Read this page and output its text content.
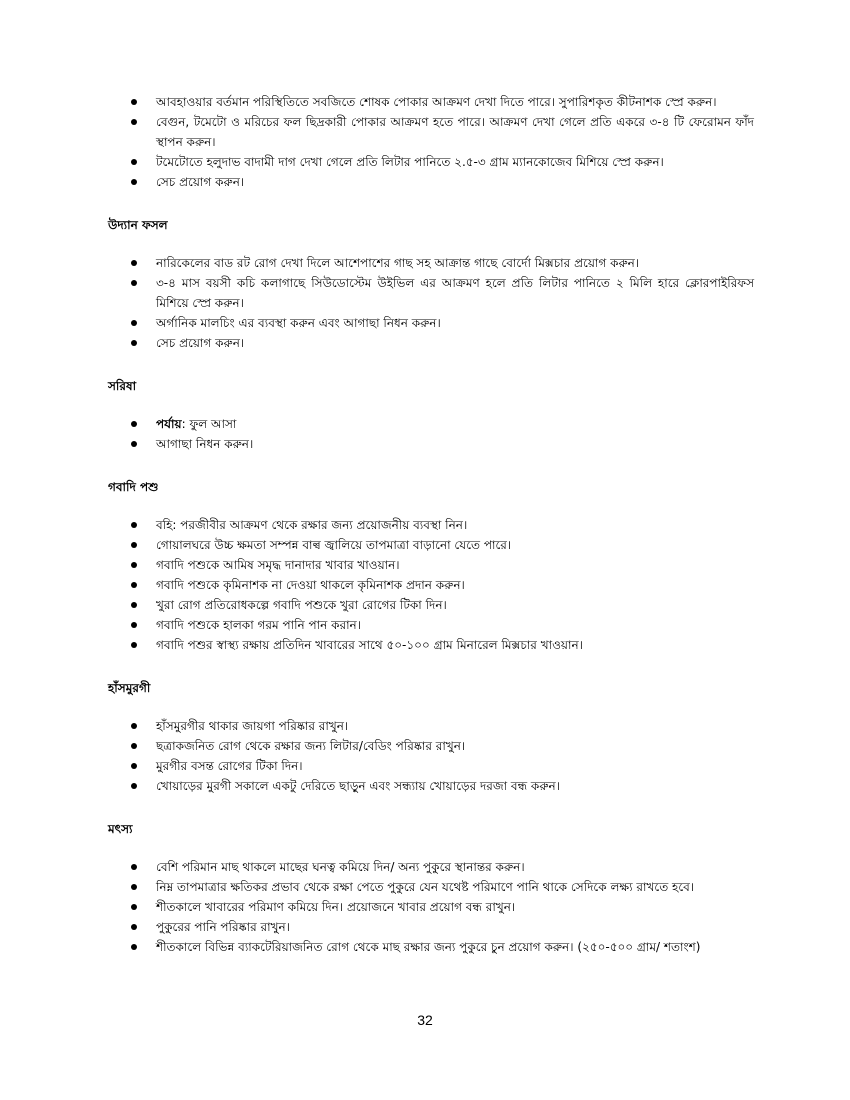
আবহাওয়ার বর্তমান পরিস্থিতিতে সবজিতে শোষক পোকার আক্রমণ দেখা দিতে পারে। সুপারিশকৃত কীটনাশক স্প্রে করুন।
বেগুন, টমেটো ও মরিচের ফল ছিদ্রকারী পোকার আক্রমণ হতে পারে। আক্রমণ দেখা গেলে প্রতি একরে ৩-৪ টি ফেরোমন ফাঁদ স্থাপন করুন।
টমেটোতে হলুদাভ বাদামী দাগ দেখা গেলে প্রতি লিটার পানিতে ২.৫-৩ গ্রাম ম্যানকোজেব মিশিয়ে স্প্রে করুন।
সেচ প্রয়োগ করুন।
উদ্যান ফসল
নারিকেলের বাড রট রোগ দেখা দিলে আশেপাশের গাছ সহ আক্রান্ত গাছে বোর্দো মিক্সচার প্রয়োগ করুন।
৩-৪ মাস বয়সী কচি কলাগাছে সিউডোস্টেম উইভিল এর আক্রমণ হলে প্রতি লিটার পানিতে ২ মিলি হারে ক্লোরপাইরিফস মিশিয়ে স্প্রে করুন।
অর্গানিক মালচিং এর ব্যবস্থা করুন এবং আগাছা নিধন করুন।
সেচ প্রয়োগ করুন।
সরিষা
পর্যায়: ফুল আসা
আগাছা নিধন করুন।
গবাদি পশু
বহি: পরজীবীর আক্রমণ থেকে রক্ষার জন্য প্রয়োজনীয় ব্যবস্থা নিন।
গোয়ালঘরে উচ্চ ক্ষমতা সম্পন্ন বাল্ব জ্বালিয়ে তাপমাত্রা বাড়ানো যেতে পারে।
গবাদি পশুকে আমিষ সমৃদ্ধ দানাদার খাবার খাওয়ান।
গবাদি পশুকে কৃমিনাশক না দেওয়া থাকলে কৃমিনাশক প্রদান করুন।
খুরা রোগ প্রতিরোধকল্পে গবাদি পশুকে খুরা রোগের টিকা দিন।
গবাদি পশুকে হালকা গরম পানি পান করান।
গবাদি পশুর স্বাস্থ্য রক্ষায় প্রতিদিন খাবারের সাথে ৫০-১০০ গ্রাম মিনারেল মিক্সচার খাওয়ান।
হাঁসমুরগী
হাঁসমুরগীর থাকার জায়গা পরিষ্কার রাখুন।
ছত্রাকজনিত রোগ থেকে রক্ষার জন্য লিটার/বেডিং পরিষ্কার রাখুন।
মুরগীর বসন্ত রোগের টিকা দিন।
খোয়াড়ের মুরগী সকালে একটু দেরিতে ছাড়ুন এবং সন্ধ্যায় খোয়াড়ের দরজা বন্ধ করুন।
মৎস্য
বেশি পরিমান মাছ থাকলে মাছের ঘনত্ব কমিয়ে দিন/ অন্য পুকুরে স্থানান্তর করুন।
নিম্ন তাপমাত্রার ক্ষতিকর প্রভাব থেকে রক্ষা পেতে পুকুরে যেন যথেষ্ট পরিমাণে পানি থাকে সেদিকে লক্ষ্য রাখতে হবে।
শীতকালে খাবারের পরিমাণ কমিয়ে দিন। প্রয়োজনে খাবার প্রয়োগ বন্ধ রাখুন।
পুকুরের পানি পরিষ্কার রাখুন।
শীতকালে বিভিন্ন ব্যাকটেরিয়াজনিত রোগ থেকে মাছ রক্ষার জন্য পুকুরে চুন প্রয়োগ করুন। (২৫০-৫০০ গ্রাম/ শতাংশ)
32
